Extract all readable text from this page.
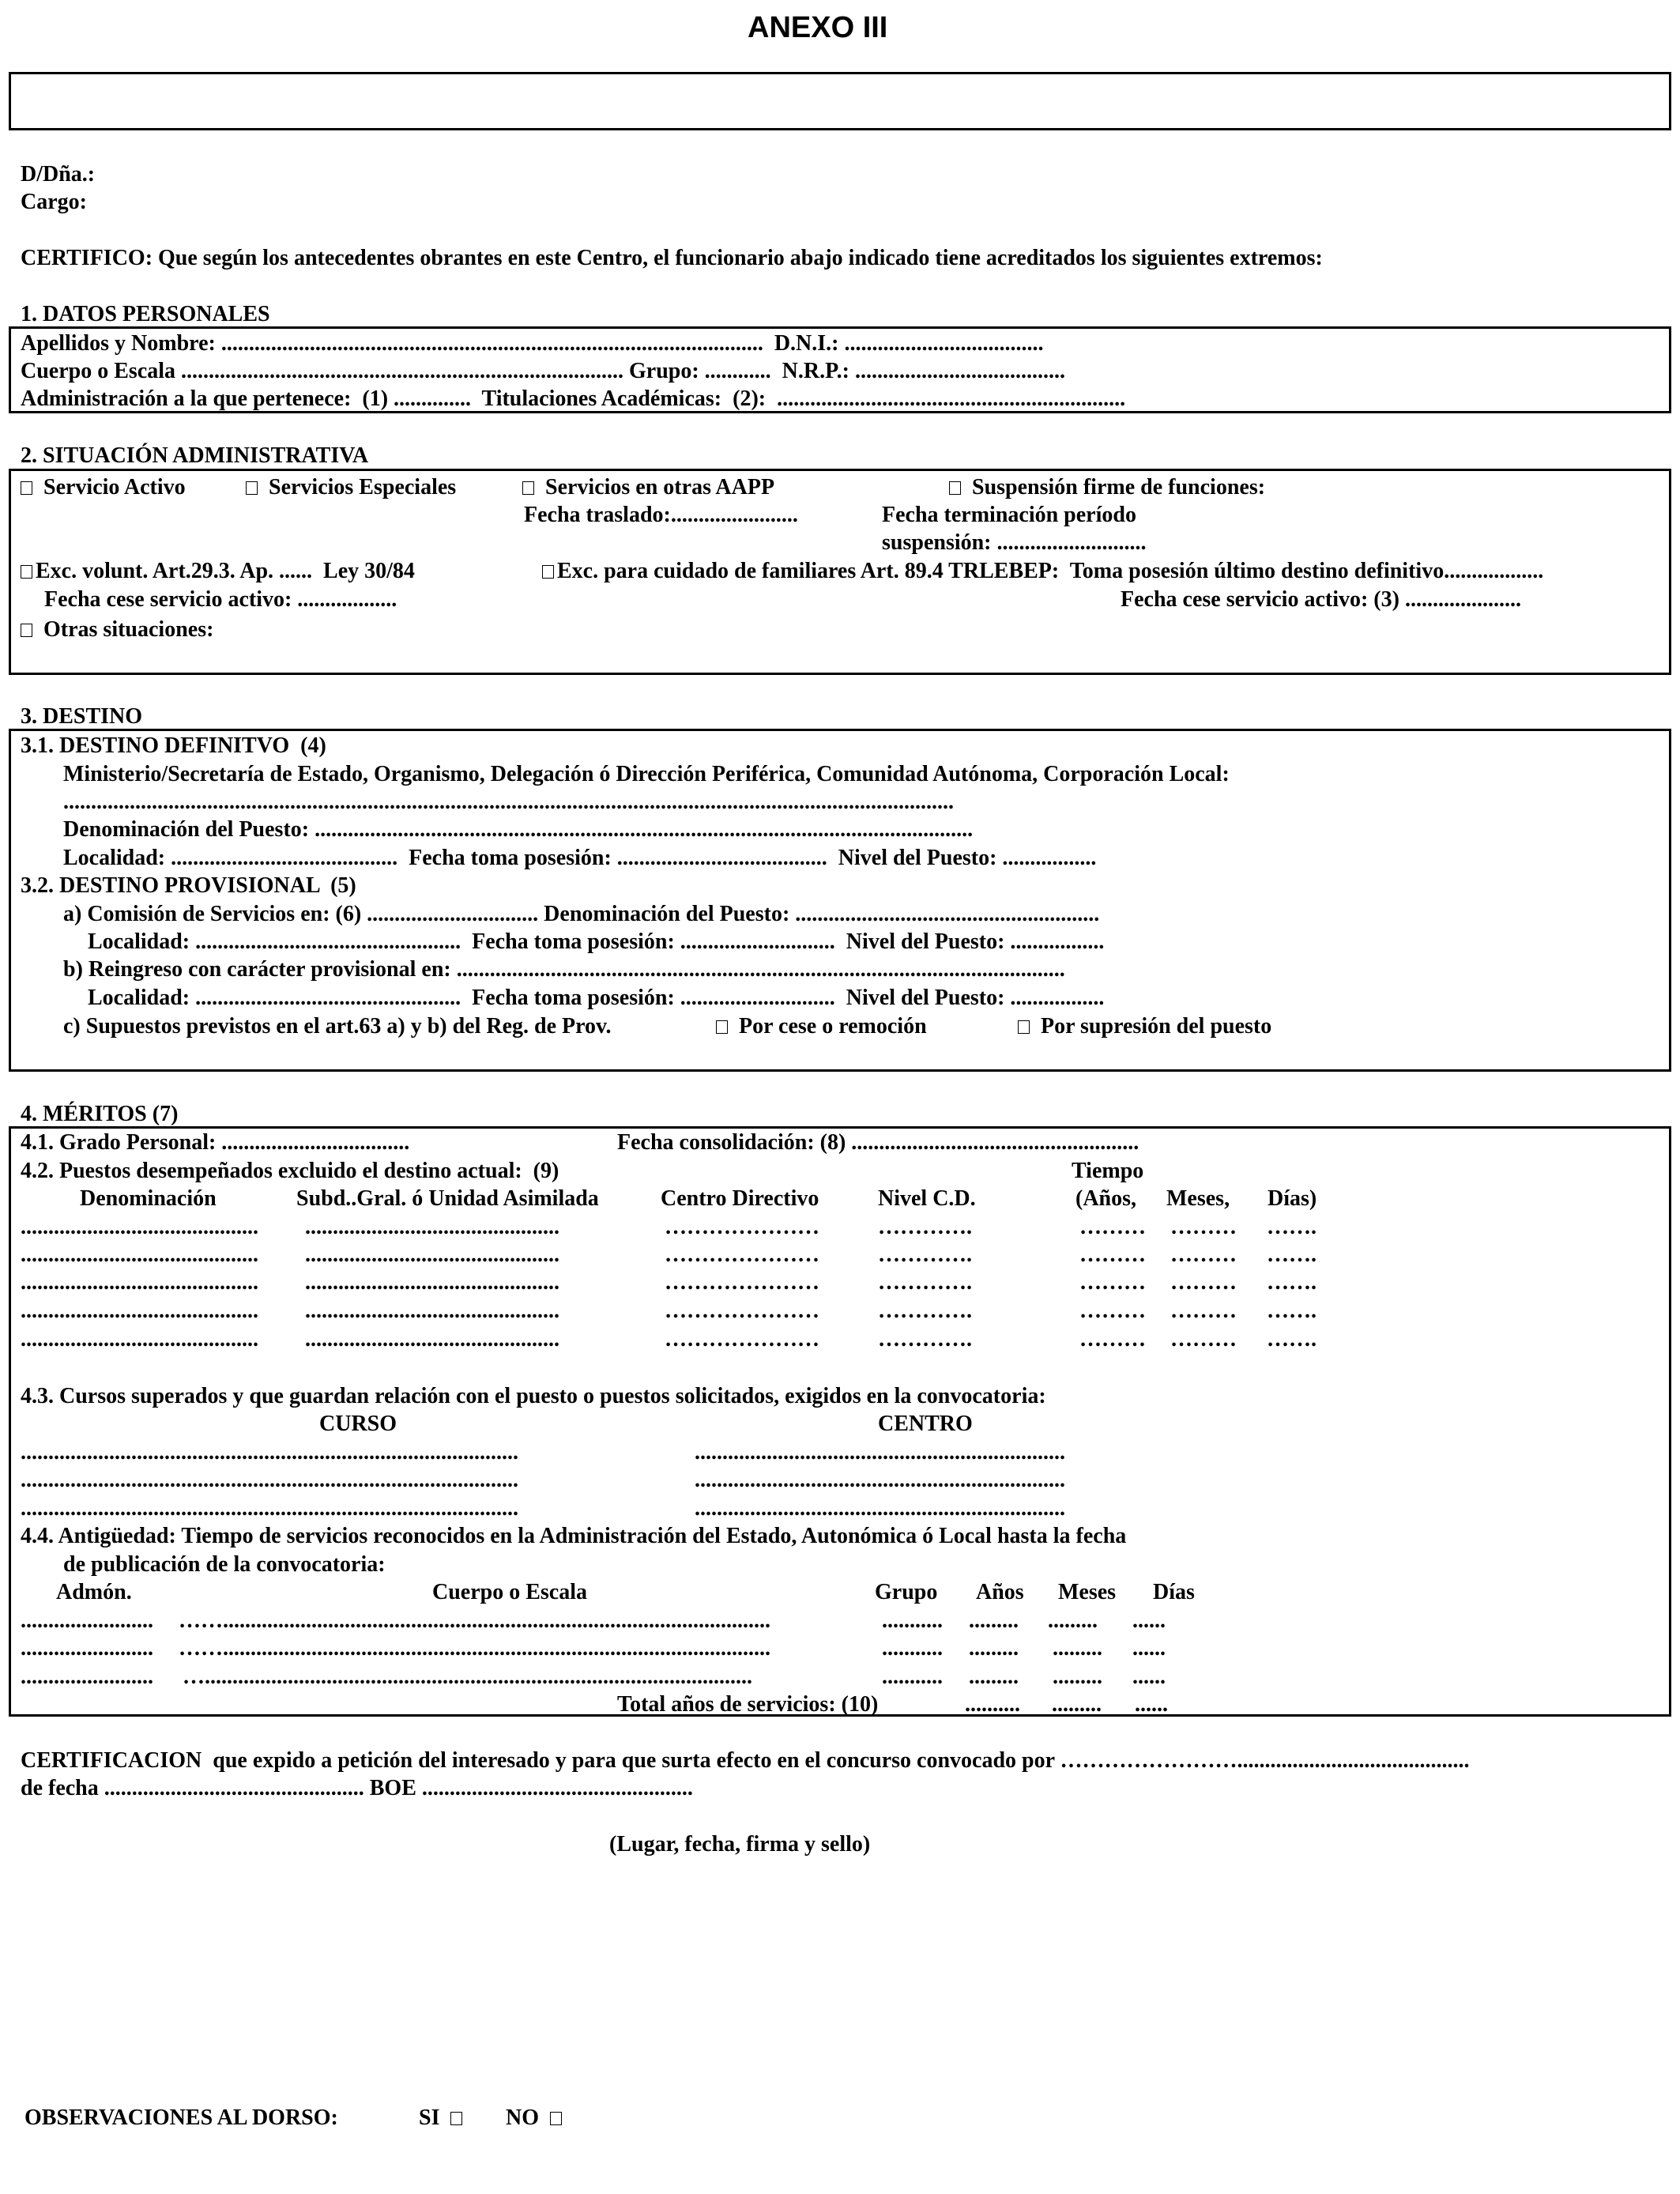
ANEXO III
D/Dña.:
Cargo:
CERTIFICO: Que según los antecedentes obrantes en este Centro, el funcionario abajo indicado tiene acreditados los siguientes extremos:
1. DATOS PERSONALES
Apellidos y Nombre: ..................................................................................................  D.N.I.: ....................................
Cuerpo o Escala ................................................................................ Grupo: ............  N.R.P.: ......................................
Administración a la que pertenece:  (1) ..............  Titulaciones Académicas:  (2):  ...............................................................
2. SITUACIÓN ADMINISTRATIVA
Servicio Activo	Servicios Especiales	Servicios en otras AAPP	Suspensión firme de funciones:
Fecha traslado:.......................	Fecha terminación período
suspensión: ...........................
Exc. volunt. Art.29.3. Ap. ......  Ley 30/84	Exc. para cuidado de familiares Art. 89.4 TRLEBEP:  Toma posesión último destino definitivo..................
Fecha cese servicio activo: ..................	Fecha cese servicio activo: (3) .....................
Otras situaciones:
3. DESTINO
3.1. DESTINO DEFINITVO  (4)
Ministerio/Secretaría de Estado, Organismo, Delegación ó Dirección Periférica, Comunidad Autónoma, Corporación Local:
.................................................................................................................................................................
Denominación del Puesto: .......................................................................................................................
Localidad: .........................................  Fecha toma posesión: ......................................  Nivel del Puesto: .................
3.2. DESTINO PROVISIONAL  (5)
a) Comisión de Servicios en: (6) ............................... Denominación del Puesto: .......................................................
Localidad: ................................................  Fecha toma posesión: ............................  Nivel del Puesto: .................
b) Reingreso con carácter provisional en: ..............................................................................................................
Localidad: ................................................  Fecha toma posesión: ............................  Nivel del Puesto: .................
c) Supuestos previstos en el art.63 a) y b) del Reg. de Prov.	Por cese o remoción	Por supresión del puesto
4. MÉRITOS (7)
4.1. Grado Personal: ..................................	Fecha consolidación: (8) ....................................................
4.2. Puestos desempeñados excluido el destino actual:  (9)	Tiempo
Denominación	Subd..Gral. ó Unidad Asimilada	Centro Directivo	Nivel C.D.	(Años, Meses, Días)
........................................... ..............................................	…………………	………….	……… ……… …….
........................................... ..............................................	…………………	………….	……… ……… …….
........................................... ..............................................	…………………	………….	……… ……… …….
........................................... ..............................................	…………………	………….	……… ……… …….
........................................... ..............................................	…………………	………….	……… ……… …….
4.3. Cursos superados y que guardan relación con el puesto o puestos solicitados, exigidos en la convocatoria:
CURSO	CENTRO
..........................................................................................	...................................................................
..........................................................................................	...................................................................
..........................................................................................	...................................................................
4.4. Antigüedad: Tiempo de servicios reconocidos en la Administración del Estado, Autonómica ó Local hasta la fecha
de publicación de la convocatoria:
Admón.	Cuerpo o Escala	Grupo Años Meses Días
........................ ……...................................................................................................	........... ......... ......... ......
........................ ……...................................................................................................	........... ......... ......... ......
........................ …...................................................................................................	........... ......... ......... ......
Total años de servicios: (10)	.......... ......... ......
CERTIFICACION  que expido a petición del interesado y para que surta efecto en el concurso convocado por ……………………..........................................
de fecha ............................................... BOE .................................................
(Lugar, fecha, firma y sello)
OBSERVACIONES AL DORSO:	SI	NO
